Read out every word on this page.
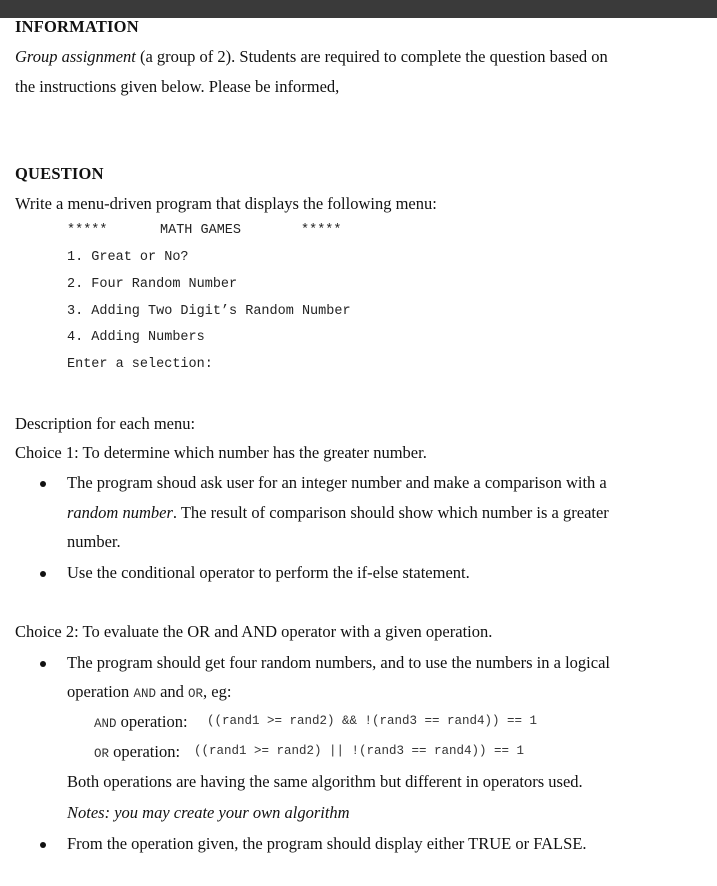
INFORMATION
Group assignment (a group of 2). Students are required to complete the question based on
the instructions given below. Please be informed,
QUESTION
Write a menu-driven program that displays the following menu:
*****	MATH GAMES	*****
1. Great or No?
2. Four Random Number
3. Adding Two Digit’s Random Number
4. Adding Numbers
Enter a selection:
Description for each menu:
Choice 1: To determine which number has the greater number.
The program shoud ask user for an integer number and make a comparison with a
random number. The result of comparison should show which number is a greater
number.
Use the conditional operator to perform the if-else statement.
Choice 2: To evaluate the OR and AND operator with a given operation.
The program should get four random numbers, and to use the numbers in a logical
operation AND and OR, eg:
AND operation: ((rand1 >= rand2) && !(rand3 == rand4)) == 1
OR operation: ((rand1 >= rand2) || !(rand3 == rand4)) == 1
Both operations are having the same algorithm but different in operators used.
Notes: you may create your own algorithm
From the operation given, the program should display either TRUE or FALSE.
